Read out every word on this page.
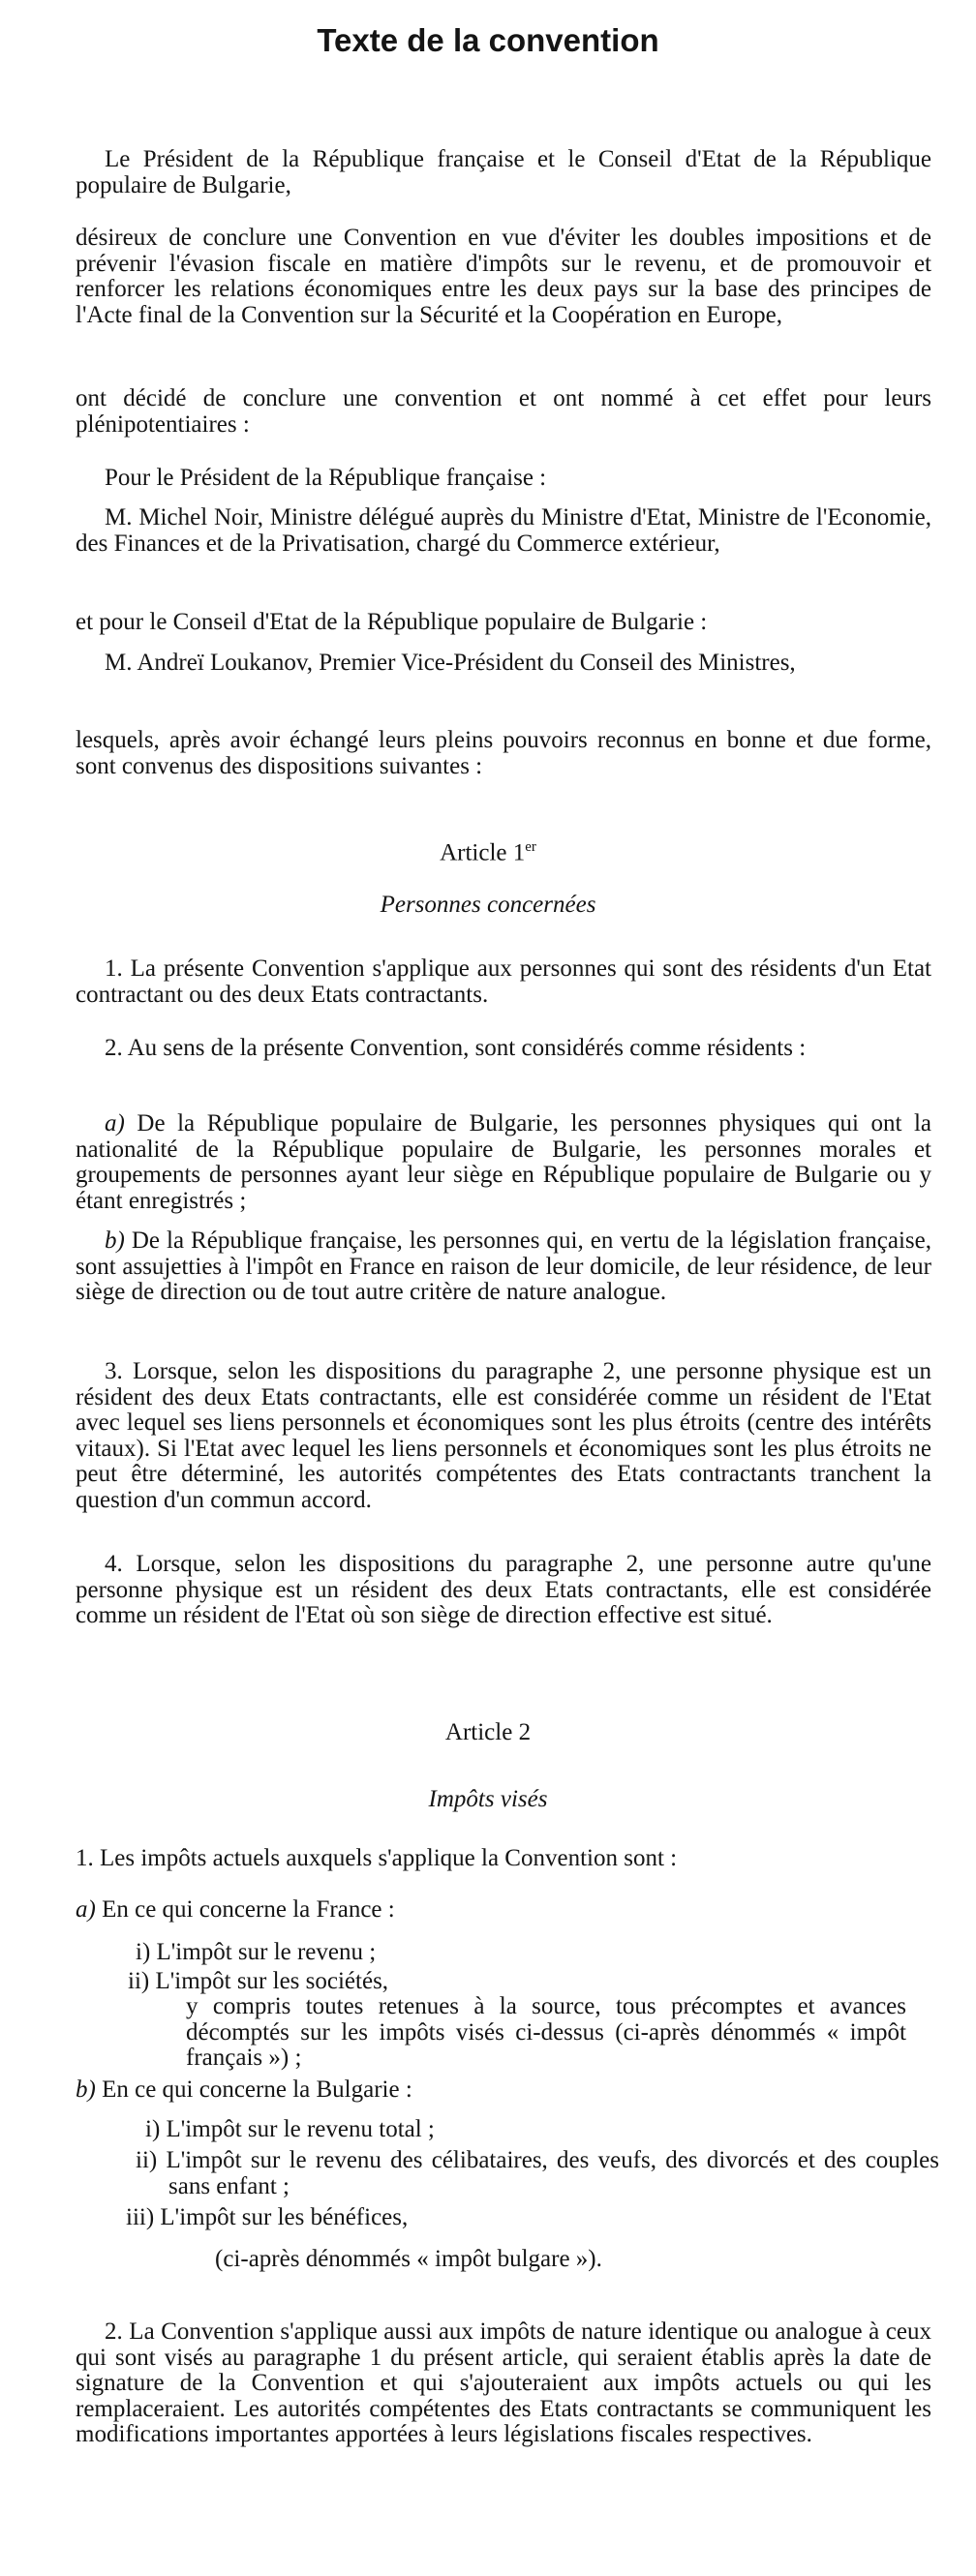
Texte de la convention

Le Président de la République française et le Conseil d'Etat de la République populaire de Bulgarie,

désireux de conclure une Convention en vue d'éviter les doubles impositions et de prévenir l'évasion fiscale en matière d'impôts sur le revenu, et de promouvoir et renforcer les relations économiques entre les deux pays sur la base des principes de l'Acte final de la Convention sur la Sécurité et la Coopération en Europe,

ont décidé de conclure une convention et ont nommé à cet effet pour leurs plénipotentiaires :

Pour le Président de la République française :

M. Michel Noir, Ministre délégué auprès du Ministre d'Etat, Ministre de l'Economie, des Finances et de la Privatisation, chargé du Commerce extérieur,

et pour le Conseil d'Etat de la République populaire de Bulgarie :

M. Andreï Loukanov, Premier Vice-Président du Conseil des Ministres,

lesquels, après avoir échangé leurs pleins pouvoirs reconnus en bonne et due forme, sont convenus des dispositions suivantes :

Article 1er

Personnes concernées

1. La présente Convention s'applique aux personnes qui sont des résidents d'un Etat contractant ou des deux Etats contractants.

2. Au sens de la présente Convention, sont considérés comme résidents :

a) De la République populaire de Bulgarie, les personnes physiques qui ont la nationalité de la République populaire de Bulgarie, les personnes morales et groupements de personnes ayant leur siège en République populaire de Bulgarie ou y étant enregistrés ;

b) De la République française, les personnes qui, en vertu de la législation française, sont assujetties à l'impôt en France en raison de leur domicile, de leur résidence, de leur siège de direction ou de tout autre critère de nature analogue.

3. Lorsque, selon les dispositions du paragraphe 2, une personne physique est un résident des deux Etats contractants, elle est considérée comme un résident de l'Etat avec lequel ses liens personnels et économiques sont les plus étroits (centre des intérêts vitaux). Si l'Etat avec lequel les liens personnels et économiques sont les plus étroits ne peut être déterminé, les autorités compétentes des Etats contractants tranchent la question d'un commun accord.

4. Lorsque, selon les dispositions du paragraphe 2, une personne autre qu'une personne physique est un résident des deux Etats contractants, elle est considérée comme un résident de l'Etat où son siège de direction effective est situé.

Article 2

Impôts visés

1. Les impôts actuels auxquels s'applique la Convention sont :

a) En ce qui concerne la France :

i) L'impôt sur le revenu ;

ii) L'impôt sur les sociétés,

y compris toutes retenues à la source, tous précomptes et avances décomptés sur les impôts visés ci-dessus (ci-après dénommés « impôt français ») ;

b) En ce qui concerne la Bulgarie :

i) L'impôt sur le revenu total ;

ii) L'impôt sur le revenu des célibataires, des veufs, des divorcés et des couples sans enfant ;

iii) L'impôt sur les bénéfices,

(ci-après dénommés « impôt bulgare »).

2. La Convention s'applique aussi aux impôts de nature identique ou analogue à ceux qui sont visés au paragraphe 1 du présent article, qui seraient établis après la date de signature de la Convention et qui s'ajouteraient aux impôts actuels ou qui les remplaceraient. Les autorités compétentes des Etats contractants se communiquent les modifications importantes apportées à leurs législations fiscales respectives.
